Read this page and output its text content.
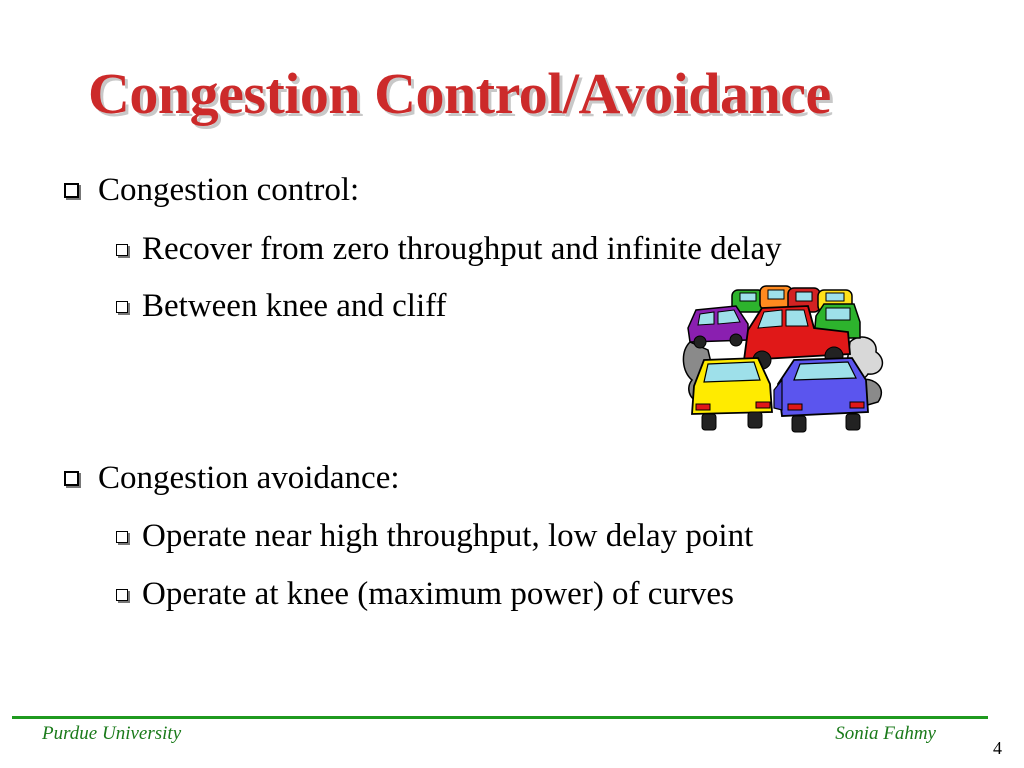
Congestion Control/Avoidance
Congestion control:
Recover from zero throughput and infinite delay
Between knee and cliff
Congestion avoidance:
Operate near high throughput, low delay point
Operate at knee (maximum power) of curves
Purdue University	Sonia Fahmy
4
